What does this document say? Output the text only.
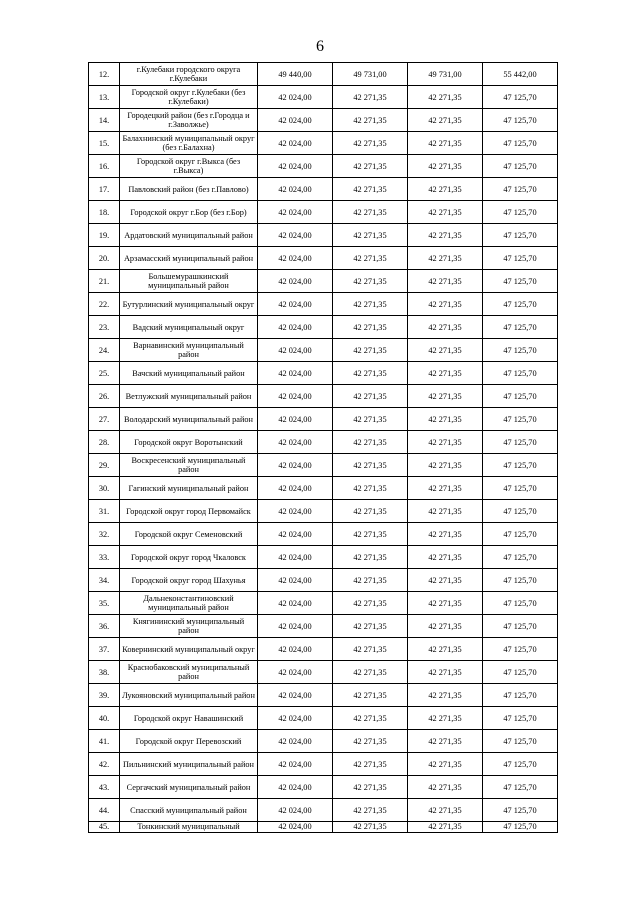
6
12.	г.Кулебаки городского округа г.Кулебаки	49 440,00	49 731,00	49 731,00	55 442,00
13.	Городской округ г.Кулебаки (без г.Кулебаки)	42 024,00	42 271,35	42 271,35	47 125,70
14.	Городецкий район (без г.Городца и г.Заволжье)	42 024,00	42 271,35	42 271,35	47 125,70
15.	Балахнинский муниципальный округ (без г.Балахна)	42 024,00	42 271,35	42 271,35	47 125,70
16.	Городской округ г.Выкса (без г.Выкса)	42 024,00	42 271,35	42 271,35	47 125,70
17.	Павловский район (без г.Павлово)	42 024,00	42 271,35	42 271,35	47 125,70
18.	Городской округ г.Бор (без г.Бор)	42 024,00	42 271,35	42 271,35	47 125,70
19.	Ардатовский муниципальный район	42 024,00	42 271,35	42 271,35	47 125,70
20.	Арзамасский муниципальный район	42 024,00	42 271,35	42 271,35	47 125,70
21.	Большемурашкинский муниципальный район	42 024,00	42 271,35	42 271,35	47 125,70
22.	Бутурлинский муниципальный округ	42 024,00	42 271,35	42 271,35	47 125,70
23.	Вадский муниципальный округ	42 024,00	42 271,35	42 271,35	47 125,70
24.	Варнавинский муниципальный район	42 024,00	42 271,35	42 271,35	47 125,70
25.	Вачский муниципальный район	42 024,00	42 271,35	42 271,35	47 125,70
26.	Ветлужский муниципальный район	42 024,00	42 271,35	42 271,35	47 125,70
27.	Володарский муниципальный район	42 024,00	42 271,35	42 271,35	47 125,70
28.	Городской округ Воротынский	42 024,00	42 271,35	42 271,35	47 125,70
29.	Воскресенский муниципальный район	42 024,00	42 271,35	42 271,35	47 125,70
30.	Гагинский муниципальный район	42 024,00	42 271,35	42 271,35	47 125,70
31.	Городской округ город Первомайск	42 024,00	42 271,35	42 271,35	47 125,70
32.	Городской округ Семеновский	42 024,00	42 271,35	42 271,35	47 125,70
33.	Городской округ город Чкаловск	42 024,00	42 271,35	42 271,35	47 125,70
34.	Городской округ город Шахунья	42 024,00	42 271,35	42 271,35	47 125,70
35.	Дальнеконстантиновский муниципальный район	42 024,00	42 271,35	42 271,35	47 125,70
36.	Княгининский муниципальный район	42 024,00	42 271,35	42 271,35	47 125,70
37.	Ковернинский муниципальный округ	42 024,00	42 271,35	42 271,35	47 125,70
38.	Краснобаковский муниципальный район	42 024,00	42 271,35	42 271,35	47 125,70
39.	Лукояновский муниципальный район	42 024,00	42 271,35	42 271,35	47 125,70
40.	Городской округ Навашинский	42 024,00	42 271,35	42 271,35	47 125,70
41.	Городской округ Перевозский	42 024,00	42 271,35	42 271,35	47 125,70
42.	Пильнинский муниципальный район	42 024,00	42 271,35	42 271,35	47 125,70
43.	Сергачский муниципальный район	42 024,00	42 271,35	42 271,35	47 125,70
44.	Спасский муниципальный район	42 024,00	42 271,35	42 271,35	47 125,70
45.	Тонкинский муниципальный	42 024,00	42 271,35	42 271,35	47 125,70
